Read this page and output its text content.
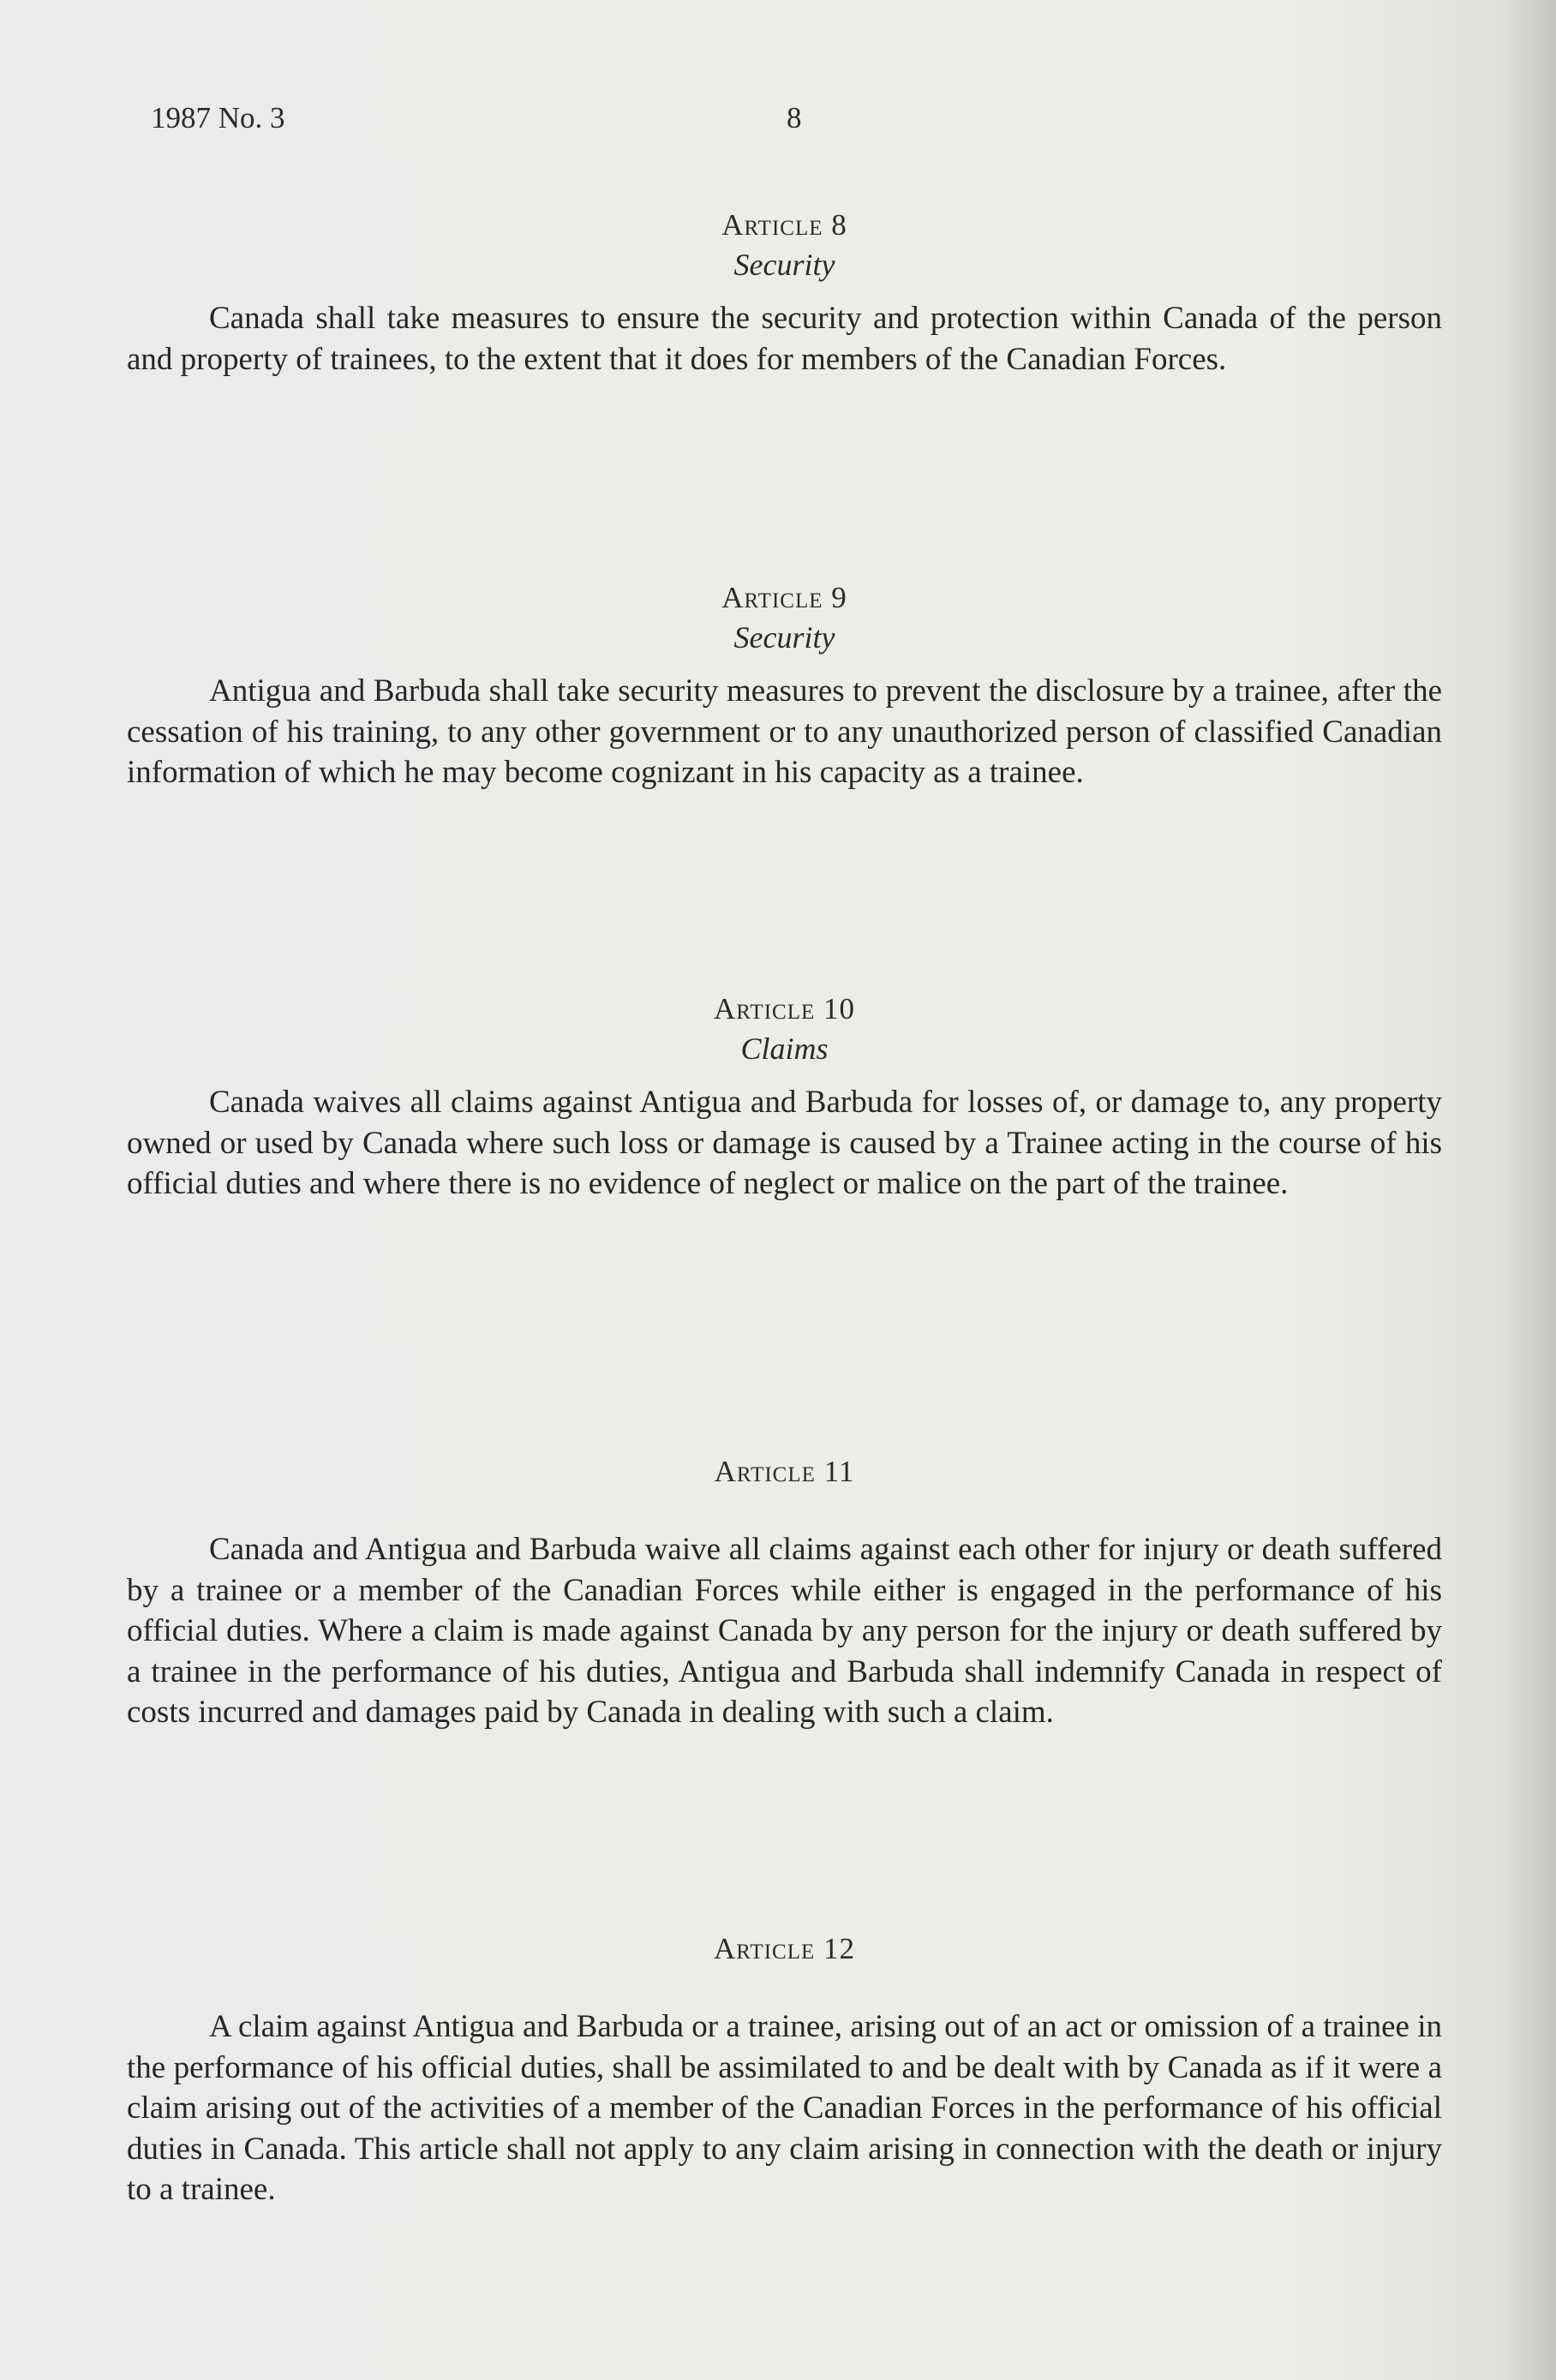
1987 No. 3	8

Article 8

Security

Canada shall take measures to ensure the security and protection within Canada of the person and property of trainees, to the extent that it does for members of the Canadian Forces.

Article 9

Security

Antigua and Barbuda shall take security measures to prevent the disclosure by a trainee, after the cessation of his training, to any other government or to any unauthorized person of classified Canadian information of which he may become cognizant in his capacity as a trainee.

Article 10

Claims

Canada waives all claims against Antigua and Barbuda for losses of, or damage to, any property owned or used by Canada where such loss or damage is caused by a Trainee acting in the course of his official duties and where there is no evidence of neglect or malice on the part of the trainee.

Article 11

Canada and Antigua and Barbuda waive all claims against each other for injury or death suffered by a trainee or a member of the Canadian Forces while either is engaged in the performance of his official duties. Where a claim is made against Canada by any person for the injury or death suffered by a trainee in the performance of his duties, Antigua and Barbuda shall indemnify Canada in respect of costs incurred and damages paid by Canada in dealing with such a claim.

Article 12

A claim against Antigua and Barbuda or a trainee, arising out of an act or omission of a trainee in the performance of his official duties, shall be assimilated to and be dealt with by Canada as if it were a claim arising out of the activities of a member of the Canadian Forces in the performance of his official duties in Canada. This article shall not apply to any claim arising in connection with the death or injury to a trainee.
